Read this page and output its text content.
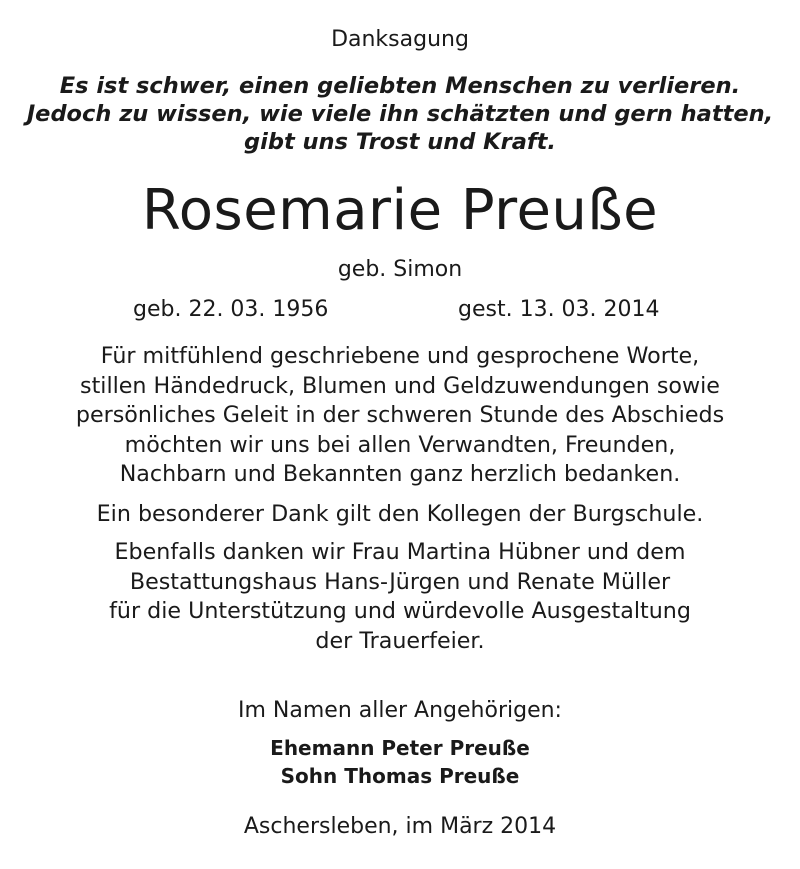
Danksagung
Es ist schwer, einen geliebten Menschen zu verlieren.
Jedoch zu wissen, wie viele ihn schätzten und gern hatten,
gibt uns Trost und Kraft.
Rosemarie Preuße
geb. Simon
geb. 22. 03. 1956	gest. 13. 03. 2014
Für mitfühlend geschriebene und gesprochene Worte,
stillen Händedruck, Blumen und Geldzuwendungen sowie
persönliches Geleit in der schweren Stunde des Abschieds
möchten wir uns bei allen Verwandten, Freunden,
Nachbarn und Bekannten ganz herzlich bedanken.
Ein besonderer Dank gilt den Kollegen der Burgschule.
Ebenfalls danken wir Frau Martina Hübner und dem
Bestattungshaus Hans-Jürgen und Renate Müller
für die Unterstützung und würdevolle Ausgestaltung
der Trauerfeier.
Im Namen aller Angehörigen:
Ehemann Peter Preuße
Sohn Thomas Preuße
Aschersleben, im März 2014
